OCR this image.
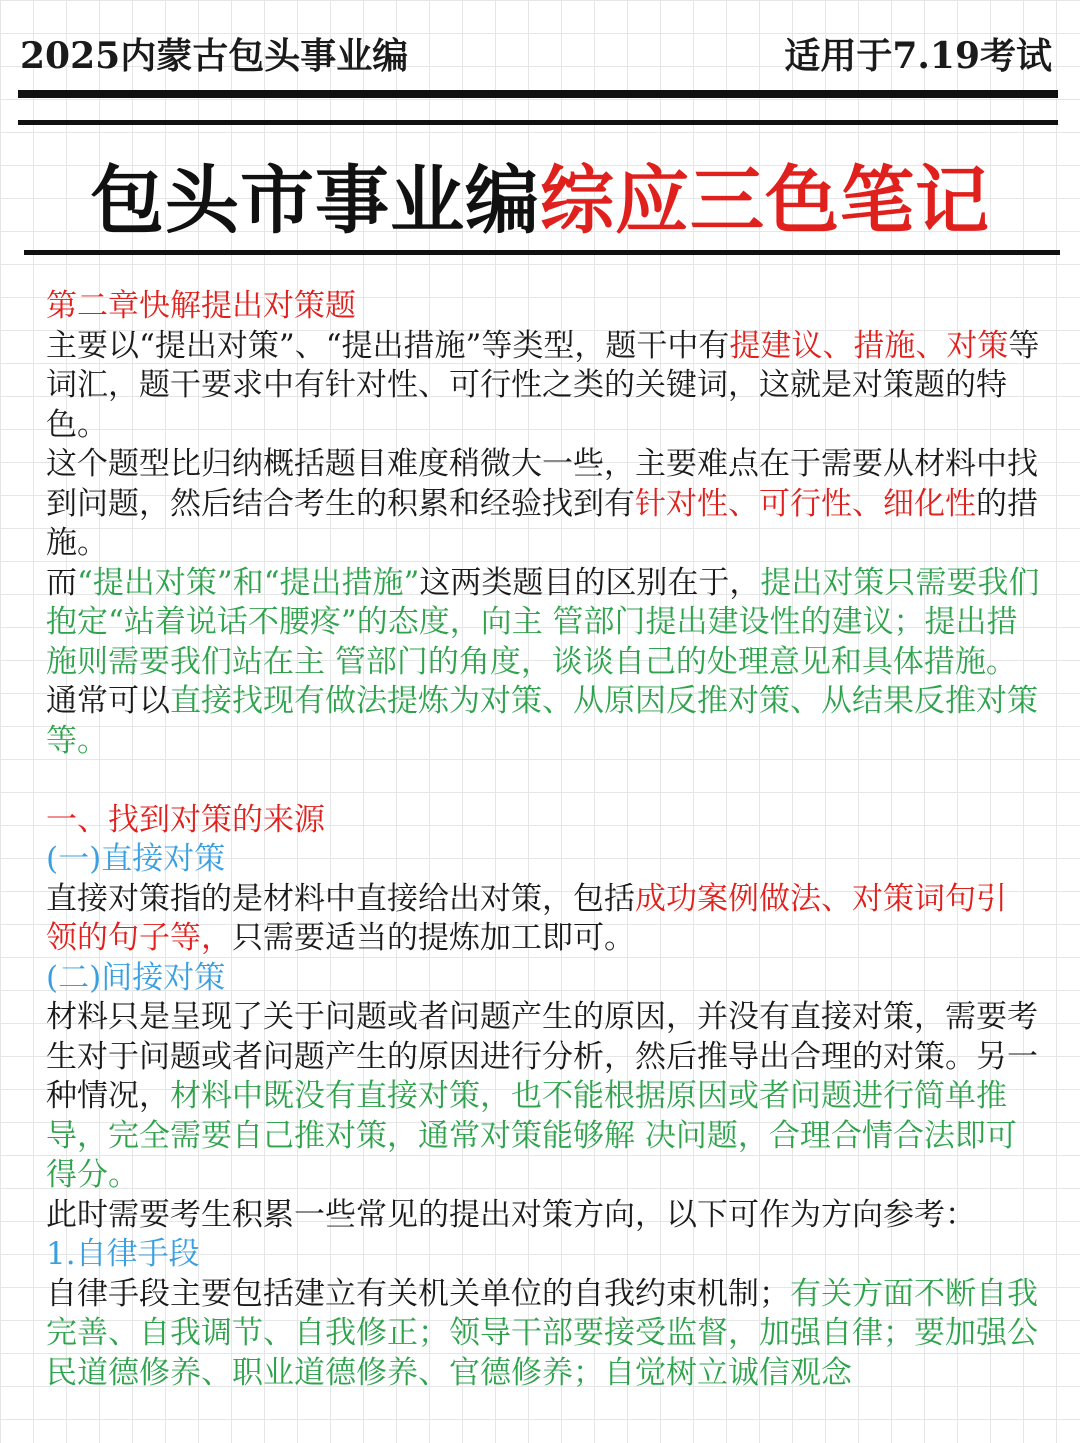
2025内蒙古包头事业编	适用于7.19考试
包头市事业编综应三色笔记

第二章快解提出对策题

主要以“提出对策”、“提出措施”等类型，题干中有提建议、措施、对策等词汇，题干要求中有针对性、可行性之类的关键词，这就是对策题的特色。

这个题型比归纳概括题目难度稍微大一些，主要难点在于需要从材料中找到问题，然后结合考生的积累和经验找到有针对性、可行性、细化性的措施。

而“提出对策”和“提出措施”这两类题目的区别在于，提出对策只需要我们抱定“站着说话不腰疼”的态度，向主 管部门提出建设性的建议；提出措施则需要我们站在主 管部门的角度，谈谈自己的处理意见和具体措施。

通常可以直接找现有做法提炼为对策、从原因反推对策、从结果反推对策等。

一、找到对策的来源

(一)直接对策

直接对策指的是材料中直接给出对策，包括成功案例做法、对策词句引 领的句子等，只需要适当的提炼加工即可。

(二)间接对策

材料只是呈现了关于问题或者问题产生的原因，并没有直接对策，需要考生对于问题或者问题产生的原因进行分析，然后推导出合理的对策。另一种情况，材料中既没有直接对策，也不能根据原因或者问题进行简单推导，完全需要自己推对策，通常对策能够解 决问题，合理合情合法即可得分。

此时需要考生积累一些常见的提出对策方向，以下可作为方向参考：

1.自律手段

自律手段主要包括建立有关机关单位的自我约束机制；有关方面不断自我完善、自我调节、自我修正；领导干部要接受监督，加强自律；要加强公民道德修养、职业道德修养、官德修养；自觉树立诚信观念
